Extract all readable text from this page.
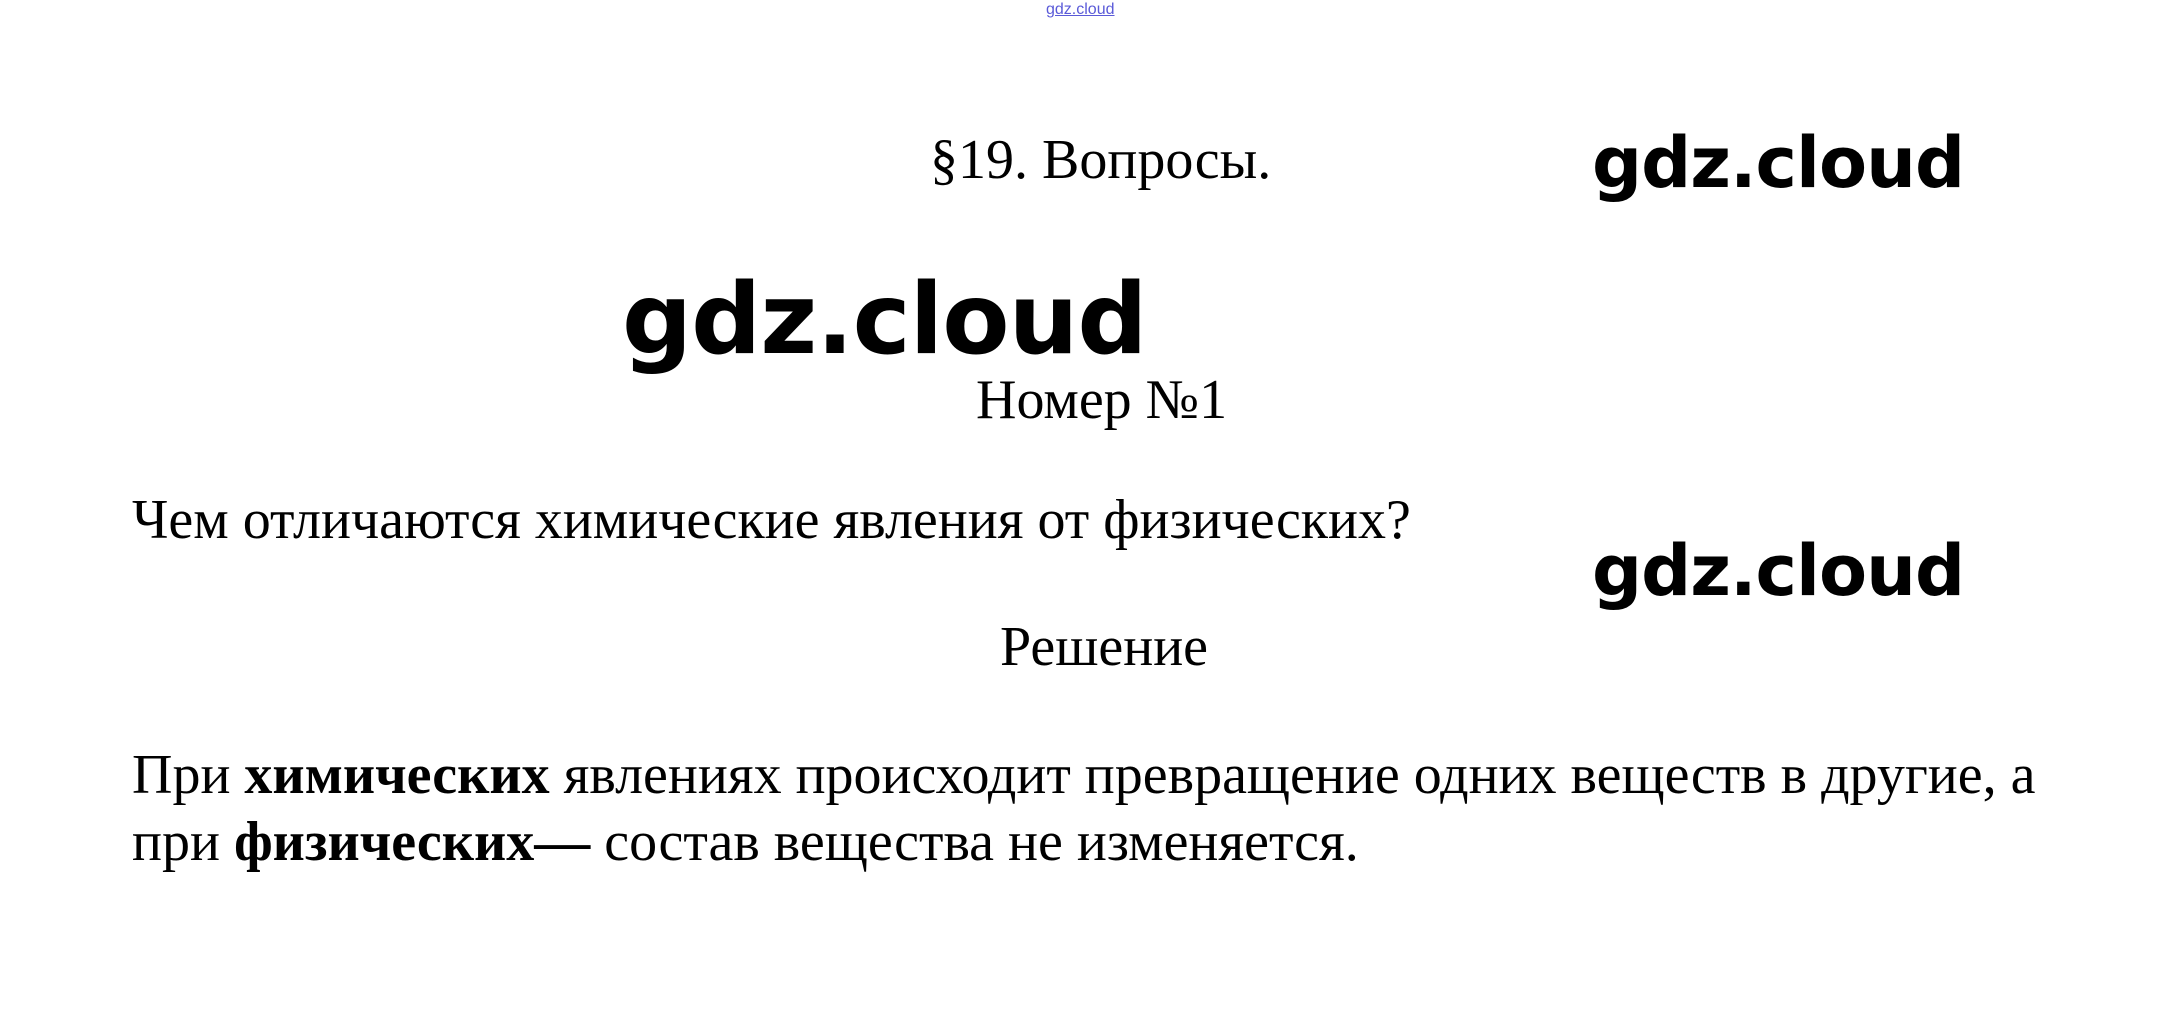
gdz.cloud
§19. Вопросы.	gdz.cloud
gdz.cloud
Номер №1
Чем отличаются химические явления от физических?
gdz.cloud
Решение
При химических явлениях происходит превращение одних веществ в другие, а при физических— состав вещества не изменяется.
